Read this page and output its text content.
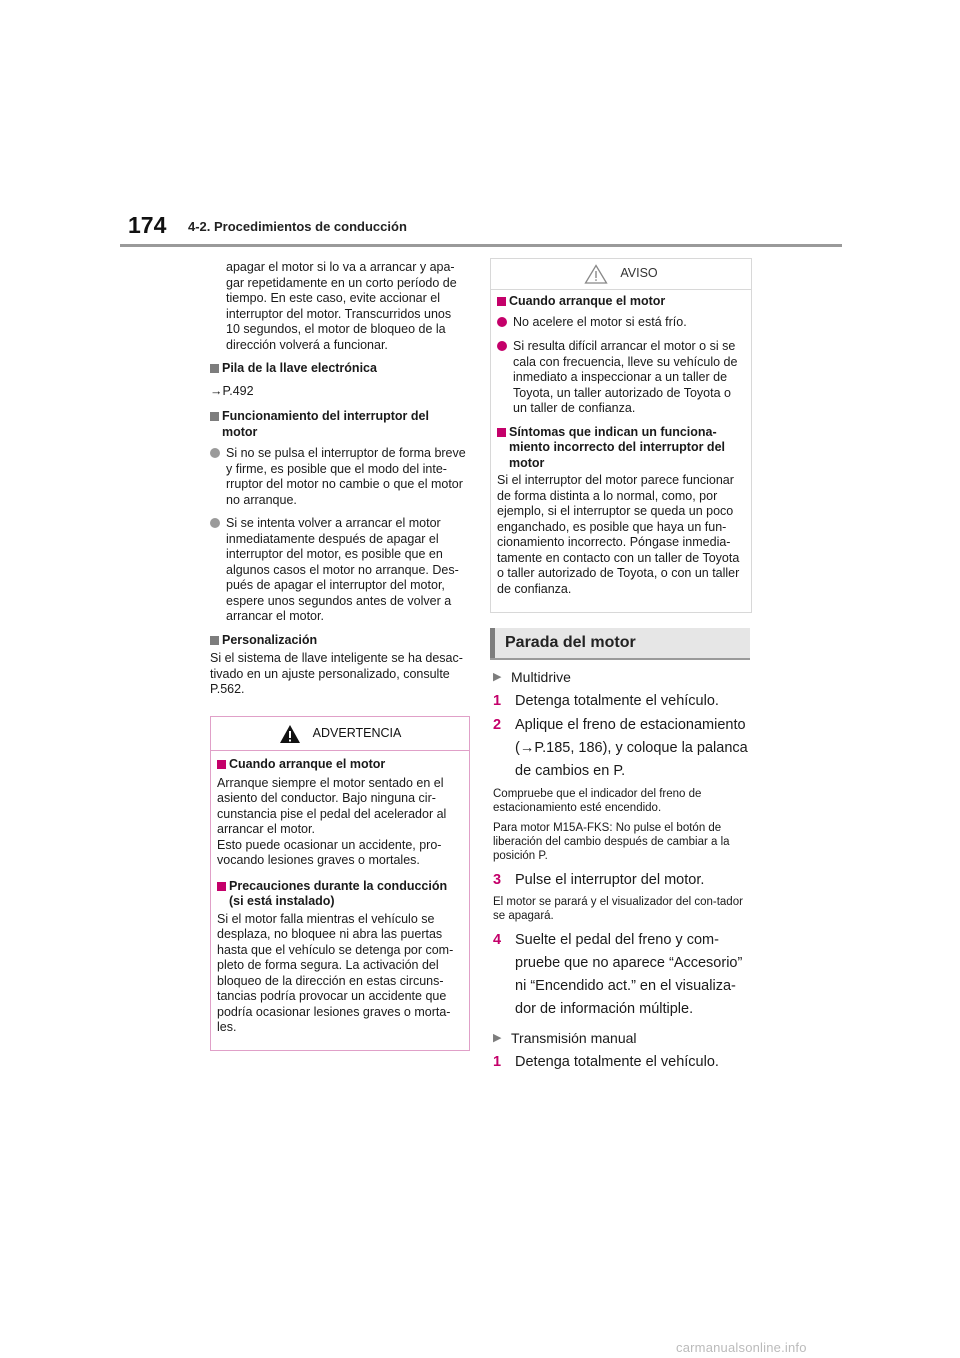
174 4-2. Procedimientos de conducción

apagar el motor si lo va a arrancar y apa-gar repetidamente en un corto período de tiempo. En este caso, evite accionar el interruptor del motor. Transcurridos unos 10 segundos, el motor de bloqueo de la dirección volverá a funcionar.

Pila de la llave electrónica

→P.492

Funcionamiento del interruptor del motor
Si no se pulsa el interruptor de forma breve y firme, es posible que el modo del inte-rruptor del motor no cambie o que el motor no arranque.
Si se intenta volver a arrancar el motor inmediatamente después de apagar el interruptor del motor, es posible que en algunos casos el motor no arranque. Des-pués de apagar el interruptor del motor, espere unos segundos antes de volver a arrancar el motor.
Personalización

Si el sistema de llave inteligente se ha desac-tivado en un ajuste personalizado, consulte P.562.

ADVERTENCIA
Cuando arranque el motor

Arranque siempre el motor sentado en el asiento del conductor. Bajo ninguna cir-cunstancia pise el pedal del acelerador al arrancar el motor.

Esto puede ocasionar un accidente, pro-vocando lesiones graves o mortales.

Precauciones durante la conducción (si está instalado)

Si el motor falla mientras el vehículo se desplaza, no bloquee ni abra las puertas hasta que el vehículo se detenga por com-pleto de forma segura. La activación del bloqueo de la dirección en estas circuns-tancias podría provocar un accidente que podría ocasionar lesiones graves o morta-les.

AVISO
Cuando arranque el motor
No acelere el motor si está frío.
Si resulta difícil arrancar el motor o si se cala con frecuencia, lleve su vehículo de inmediato a inspeccionar a un taller de Toyota, un taller autorizado de Toyota o un taller de confianza.
Síntomas que indican un funciona-miento incorrecto del interruptor del motor

Si el interruptor del motor parece funcionar de forma distinta a lo normal, como, por ejemplo, si el interruptor se queda un poco enganchado, es posible que haya un fun-cionamiento incorrecto. Póngase inmedia-tamente en contacto con un taller de Toyota o taller autorizado de Toyota, o con un taller de confianza.

Parada del motor
▶ Multidrive
1 Detenga totalmente el vehículo.
2 Aplique el freno de estacionamiento (→P.185, 186), y coloque la palanca de cambios en P.

Compruebe que el indicador del freno de estacionamiento esté encendido.

Para motor M15A-FKS: No pulse el botón de liberación del cambio después de cambiar a la posición P.

3 Pulse el interruptor del motor.

El motor se parará y el visualizador del con-tador se apagará.

4 Suelte el pedal del freno y com-pruebe que no aparece “Accesorio” ni “Encendido act.” en el visualiza-dor de información múltiple.
▶ Transmisión manual
1 Detenga totalmente el vehículo.
carmanualsonline.info
